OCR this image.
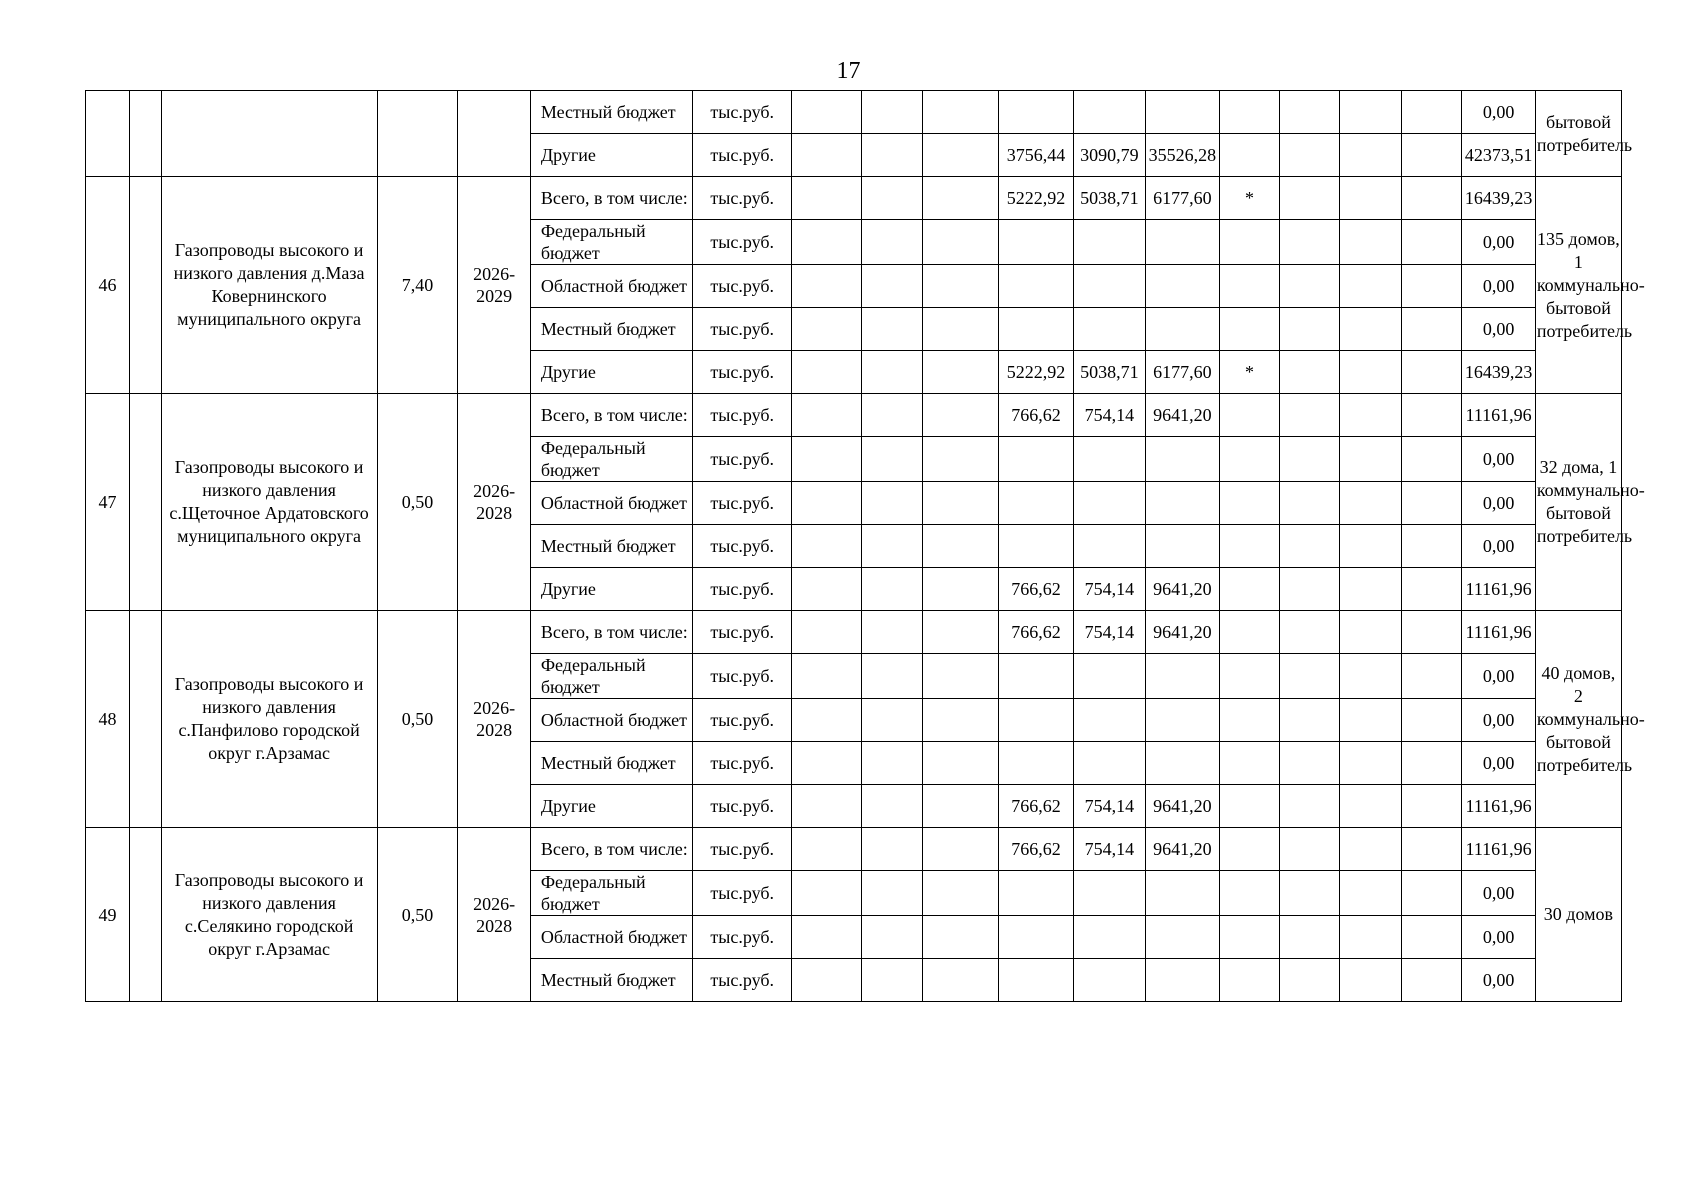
17
					Местный бюджет	тыс.руб.											0,00	бытовой потребитель
					Другие	тыс.руб.				3756,44	3090,79	35526,28					42373,51	
46		Газопроводы высокого и низкого давления д.Маза Ковернинского муниципального округа	7,40	2026-2029	Всего, в том числе:	тыс.руб.				5222,92	5038,71	6177,60	*				16439,23	135 домов, 1 коммунально-бытовой потребитель
					Федеральный бюджет	тыс.руб.											0,00	
					Областной бюджет	тыс.руб.											0,00	
					Местный бюджет	тыс.руб.											0,00	
					Другие	тыс.руб.				5222,92	5038,71	6177,60	*				16439,23	
47		Газопроводы высокого и низкого давления с.Щеточное Ардатовского муниципального округа	0,50	2026-2028	Всего, в том числе:	тыс.руб.				766,62	754,14	9641,20					11161,96	32 дома, 1 коммунально-бытовой потребитель
					Федеральный бюджет	тыс.руб.											0,00	
					Областной бюджет	тыс.руб.											0,00	
					Местный бюджет	тыс.руб.											0,00	
					Другие	тыс.руб.				766,62	754,14	9641,20					11161,96	
48		Газопроводы высокого и низкого давления с.Панфилово городской округ г.Арзамас	0,50	2026-2028	Всего, в том числе:	тыс.руб.				766,62	754,14	9641,20					11161,96	40 домов, 2 коммунально-бытовой потребитель
					Федеральный бюджет	тыс.руб.											0,00	
					Областной бюджет	тыс.руб.											0,00	
					Местный бюджет	тыс.руб.											0,00	
					Другие	тыс.руб.				766,62	754,14	9641,20					11161,96	
49		Газопроводы высокого и низкого давления с.Селякино городской округ г.Арзамас	0,50	2026-2028	Всего, в том числе:	тыс.руб.				766,62	754,14	9641,20					11161,96	30 домов
					Федеральный бюджет	тыс.руб.											0,00	
					Областной бюджет	тыс.руб.											0,00	
					Местный бюджет	тыс.руб.											0,00	
